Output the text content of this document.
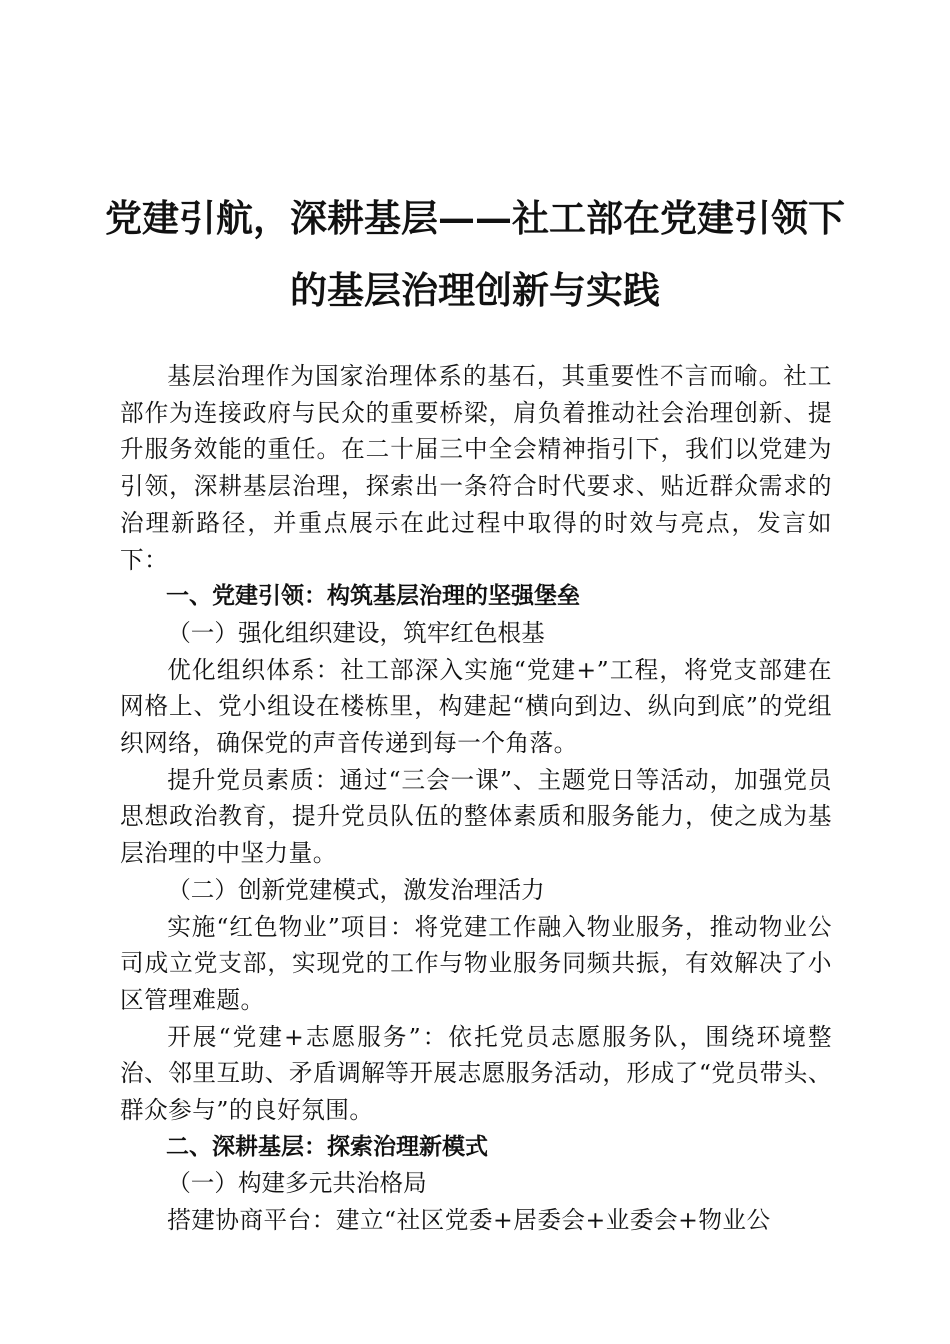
党建引航，深耕基层——社工部在党建引领下
的基层治理创新与实践

基层治理作为国家治理体系的基石，其重要性不言而喻。社工部作为连接政府与民众的重要桥梁，肩负着推动社会治理创新、提升服务效能的重任。在二十届三中全会精神指引下，我们以党建为引领，深耕基层治理，探索出一条符合时代要求、贴近群众需求的治理新路径，并重点展示在此过程中取得的时效与亮点，发言如下：

一、党建引领：构筑基层治理的坚强堡垒

（一）强化组织建设，筑牢红色根基

优化组织体系：社工部深入实施“党建+”工程，将党支部建在网格上、党小组设在楼栋里，构建起“横向到边、纵向到底”的党组织网络，确保党的声音传递到每一个角落。

提升党员素质：通过“三会一课”、主题党日等活动，加强党员思想政治教育，提升党员队伍的整体素质和服务能力，使之成为基层治理的中坚力量。

（二）创新党建模式，激发治理活力

实施“红色物业”项目：将党建工作融入物业服务，推动物业公司成立党支部，实现党的工作与物业服务同频共振，有效解决了小区管理难题。

开展“党建+志愿服务”：依托党员志愿服务队，围绕环境整治、邻里互助、矛盾调解等开展志愿服务活动，形成了“党员带头、群众参与”的良好氛围。

二、深耕基层：探索治理新模式

（一）构建多元共治格局

搭建协商平台：建立“社区党委+居委会+业委会+物业公
